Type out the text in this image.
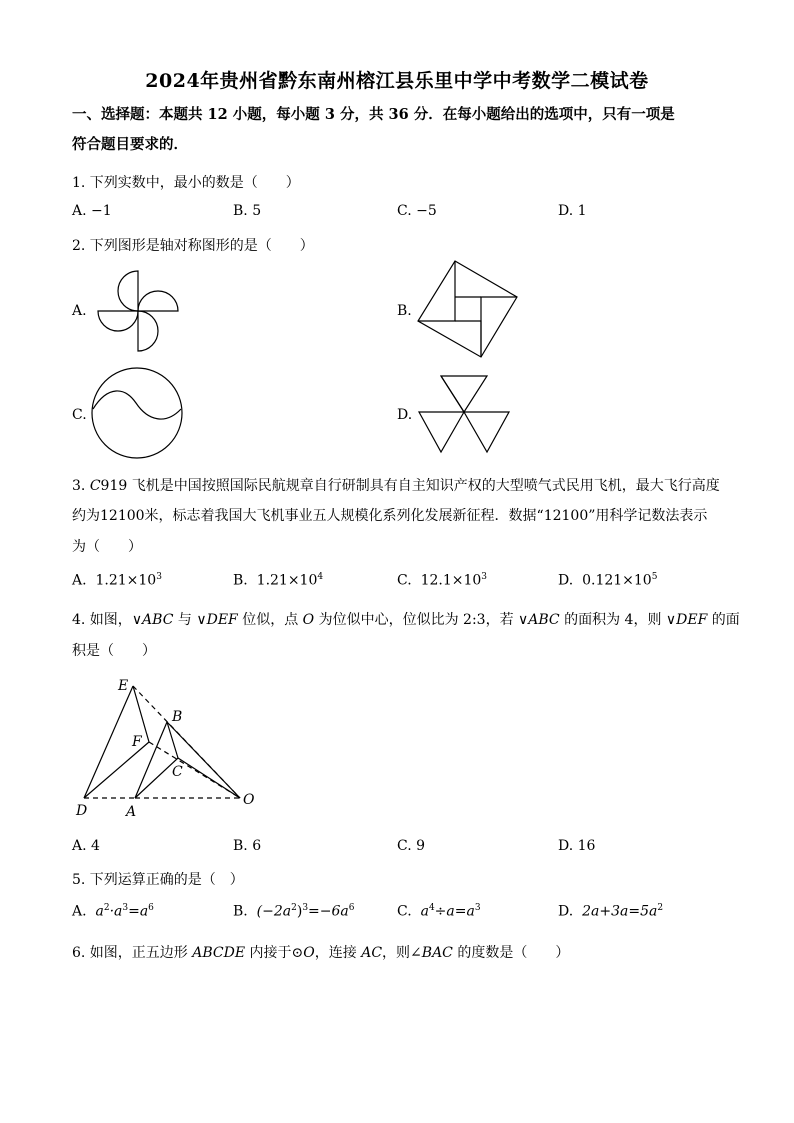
2024年贵州省黔东南州榕江县乐里中学中考数学二模试卷
一、选择题：本题共 12 小题，每小题 3 分，共 36 分．在每小题给出的选项中，只有一项是
符合题目要求的．
1. 下列实数中，最小的数是（　　）
A. −1	B. 5	C. −5	D. 1
2. 下列图形是轴对称图形的是（　　）
A.	B.
C.	D.
3. C919 飞机是中国按照国际民航规章自行研制具有自主知识产权的大型喷气式民用飞机，最大飞行高度
约为12100米，标志着我国大飞机事业五人规模化系列化发展新征程．数据“12100”用科学记数法表示
为（　　）
A. $1.21\times 10^3$	B. $1.21\times 10^4$	C. $12.1\times 10^3$	D. $0.121\times 10^5$
4. 如图，∨ABC 与 ∨DEF 位似，点 O 为位似中心，位似比为 2:3，若 ∨ABC 的面积为 4，则 ∨DEF 的面
积是（　　）
E
B
F
C
D	A
O
A. 4	B. 6	C. 9	D. 16
5. 下列运算正确的是（　）
A. $a^2\cdot a^3=a^6$	B. $(-2a^2)^3=-6a^6$	C. $a^4\div a=a^3$	D. $2a+3a=5a^2$
6. 如图，正五边形 ABCDE 内接于⊙O，连接 AC，则∠BAC 的度数是（　　）
